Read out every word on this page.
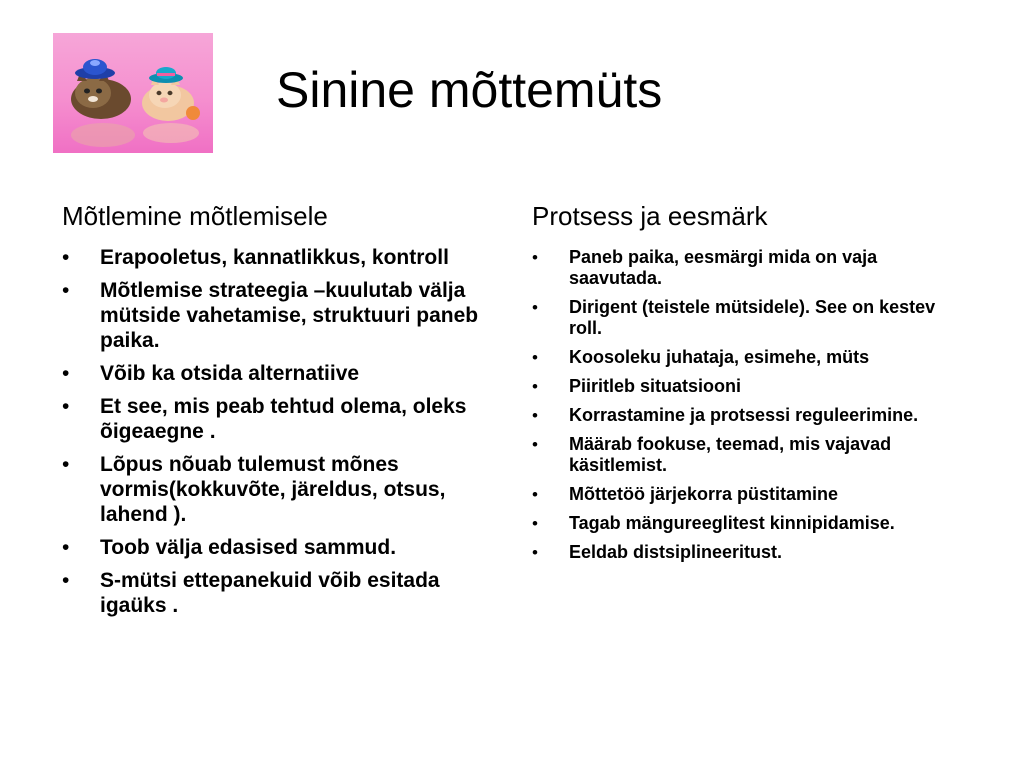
Sinine mõttemüts
Mõtlemine mõtlemisele	Protsess ja eesmärk
• Erapooletus, kannatlikkus, kontroll
• Mõtlemise strateegia –kuulutab välja mütside vahetamise, struktuuri paneb paika.
• Võib ka otsida alternatiive
• Et see, mis peab tehtud olema, oleks õigeaegne .
• Lõpus nõuab tulemust mõnes vormis(kokkuvõte, järeldus, otsus, lahend ).
• Toob välja edasised sammud.
• S-mütsi ettepanekuid võib esitada igaüks .
• Paneb paika, eesmärgi mida on vaja saavutada.
• Dirigent (teistele mütsidele). See on kestev roll.
• Koosoleku juhataja, esimehe, müts
• Piiritleb situatsiooni
• Korrastamine ja protsessi reguleerimine.
• Määrab fookuse, teemad, mis vajavad käsitlemist.
• Mõttetöö järjekorra püstitamine
• Tagab mängureeglitest kinnipidamise.
• Eeldab distsiplineeritust.
